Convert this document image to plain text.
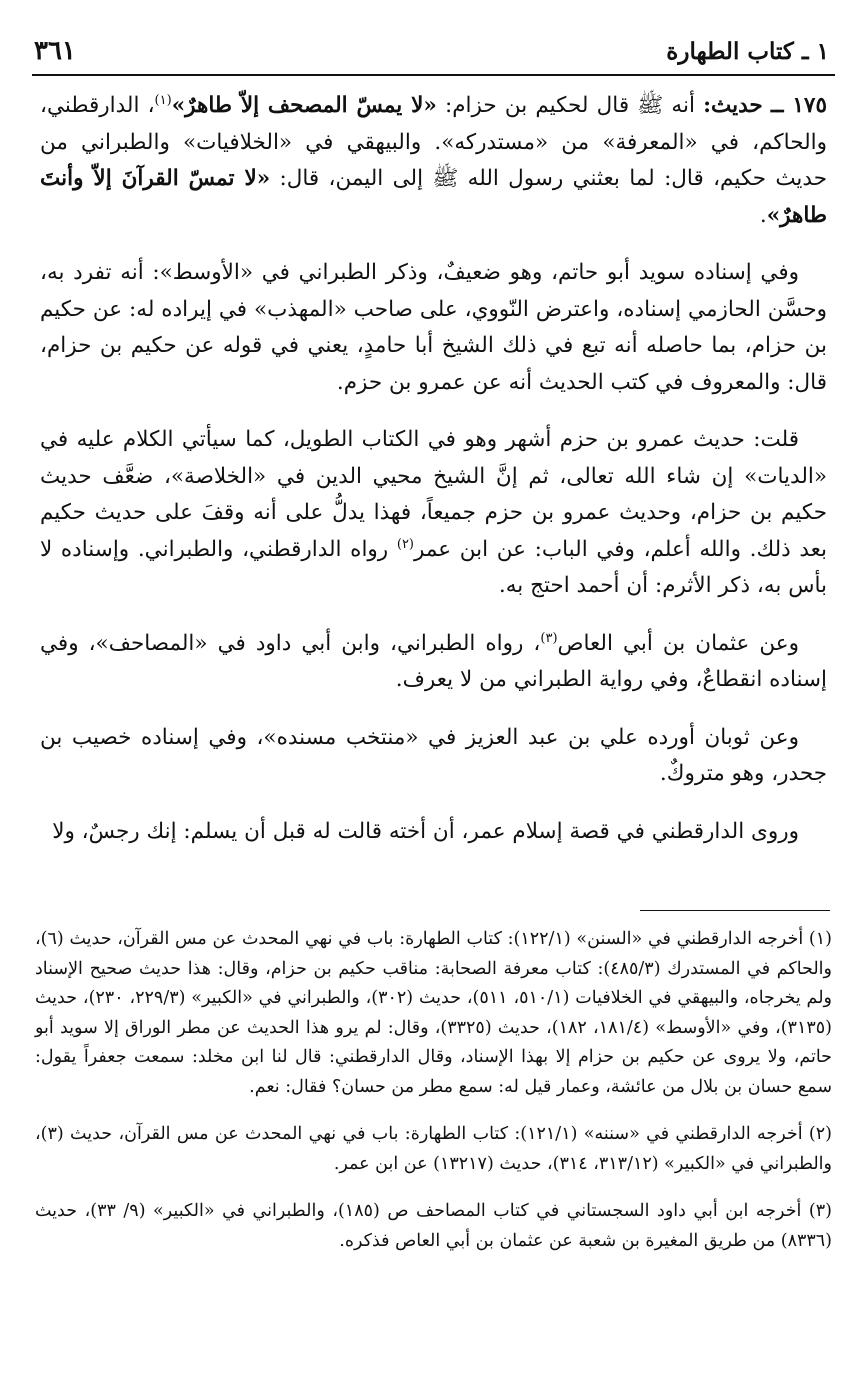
٣٦١	١ ـ كتاب الطهارة

١٧٥ ــ حديث: أنه ﷺ قال لحكيم بن حزام: «لا يمسّ المصحف إلاّ طاهرٌ»$^{(١)}$، الدارقطني، والحاكم، في «المعرفة» من «مستدركه». والبيهقي في «الخلافيات» والطبراني من حديث حكيم، قال: لما بعثني رسول الله ﷺ إلى اليمن، قال: «لا تمسّ القرآنَ إلاّ وأنتَ طاهرٌ».

وفي إسناده سويد أبو حاتم، وهو ضعيفٌ، وذكر الطبراني في «الأوسط»: أنه تفرد به، وحسَّن الحازمي إسناده، واعترض النّووي، على صاحب «المهذب» في إيراده له: عن حكيم بن حزام، بما حاصله أنه تبع في ذلك الشيخ أبا حامدٍ، يعني في قوله عن حكيم بن حزام، قال: والمعروف في كتب الحديث أنه عن عمرو بن حزم.

قلت: حديث عمرو بن حزم أشهر وهو في الكتاب الطويل، كما سيأتي الكلام عليه في «الديات» إن شاء الله تعالى، ثم إنَّ الشيخ محيي الدين في «الخلاصة»، ضعَّف حديث حكيم بن حزام، وحديث عمرو بن حزم جميعاً، فهذا يدلُّ على أنه وقفَ على حديث حكيم بعد ذلك. والله أعلم، وفي الباب: عن ابن عمر$^{(٢)}$ رواه الدارقطني، والطبراني. وإسناده لا بأس به، ذكر الأثرم: أن أحمد احتج به.

وعن عثمان بن أبي العاص$^{(٣)}$، رواه الطبراني، وابن أبي داود في «المصاحف»، وفي إسناده انقطاعٌ، وفي رواية الطبراني من لا يعرف.

وعن ثوبان أورده علي بن عبد العزيز في «منتخب مسنده»، وفي إسناده خصيب بن جحدر، وهو متروكٌ.

وروى الدارقطني في قصة إسلام عمر، أن أخته قالت له قبل أن يسلم: إنك رجسٌ، ولا

(١) أخرجه الدارقطني في «السنن» (١٢٢/١): كتاب الطهارة: باب في نهي المحدث عن مس القرآن، حديث (٦)، والحاكم في المستدرك (٤٨٥/٣): كتاب معرفة الصحابة: مناقب حكيم بن حزام، وقال: هذا حديث صحيح الإسناد ولم يخرجاه، والبيهقي في الخلافيات (٥١٠/١، ٥١١)، حديث (٣٠٢)، والطبراني في «الكبير» (٢٢٩/٣، ٢٣٠)، حديث (٣١٣٥)، وفي «الأوسط» (١٨١/٤، ١٨٢)، حديث (٣٣٢٥)، وقال: لم يرو هذا الحديث عن مطر الوراق إلا سويد أبو حاتم، ولا يروى عن حكيم بن حزام إلا بهذا الإسناد، وقال الدارقطني: قال لنا ابن مخلد: سمعت جعفراً يقول: سمع حسان بن بلال من عائشة، وعمار قيل له: سمع مطر من حسان؟ فقال: نعم.

(٢) أخرجه الدارقطني في «سننه» (١٢١/١): كتاب الطهارة: باب في نهي المحدث عن مس القرآن، حديث (٣)، والطبراني في «الكبير» (٣١٣/١٢، ٣١٤)، حديث (١٣٢١٧) عن ابن عمر.

(٣) أخرجه ابن أبي داود السجستاني في كتاب المصاحف ص (١٨٥)، والطبراني في «الكبير» (٩/ ٣٣)، حديث (٨٣٣٦) من طريق المغيرة بن شعبة عن عثمان بن أبي العاص فذكره.
